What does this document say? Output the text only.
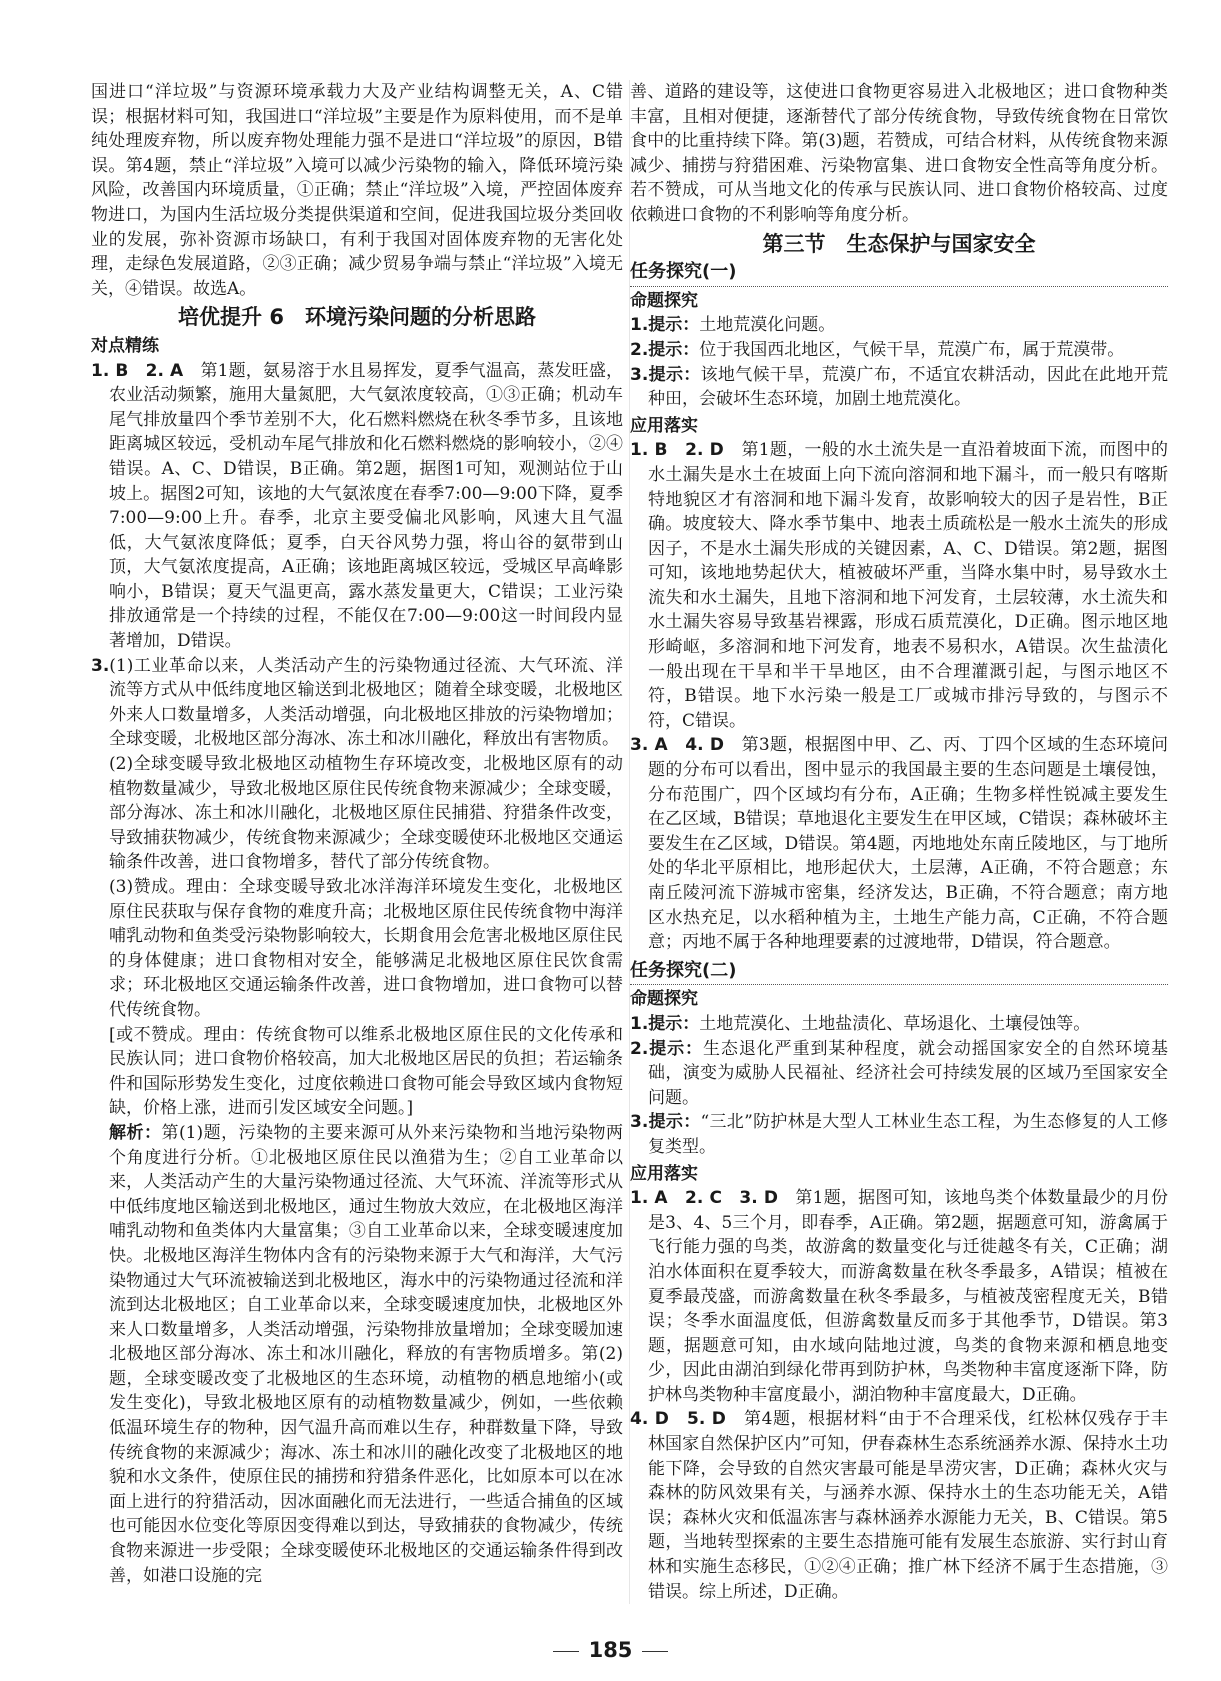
国进口“洋垃圾”与资源环境承载力大及产业结构调整无关，A、C错误；根据材料可知，我国进口“洋垃圾”主要是作为原料使用，而不是单纯处理废弃物，所以废弃物处理能力强不是进口“洋垃圾”的原因，B错误。第4题，禁止“洋垃圾”入境可以减少污染物的输入，降低环境污染风险，改善国内环境质量，①正确；禁止“洋垃圾”入境，严控固体废弃物进口，为国内生活垃圾分类提供渠道和空间，促进我国垃圾分类回收业的发展，弥补资源市场缺口，有利于我国对固体废弃物的无害化处理，走绿色发展道路，②③正确；减少贸易争端与禁止“洋垃圾”入境无关，④错误。故选A。

培优提升 6　环境污染问题的分析思路
对点精练

1. B　2. A　 第1题，氨易溶于水且易挥发，夏季气温高，蒸发旺盛，农业活动频繁，施用大量氮肥，大气氨浓度较高，①③正确；机动车尾气排放量四个季节差别不大，化石燃料燃烧在秋冬季节多，且该地距离城区较远，受机动车尾气排放和化石燃料燃烧的影响较小，②④错误。A、C、D错误，B正确。第2题，据图1可知，观测站位于山坡上。据图2可知，该地的大气氨浓度在春季7:00—9:00下降，夏季7:00—9:00上升。春季，北京主要受偏北风影响，风速大且气温低，大气氨浓度降低；夏季，白天谷风势力强，将山谷的氨带到山顶，大气氨浓度提高，A正确；该地距离城区较远，受城区早高峰影响小，B错误；夏天气温更高，露水蒸发量更大，C错误；工业污染排放通常是一个持续的过程，不能仅在7:00—9:00这一时间段内显著增加，D错误。

3.(1)工业革命以来，人类活动产生的污染物通过径流、大气环流、洋流等方式从中低纬度地区输送到北极地区；随着全球变暖，北极地区外来人口数量增多，人类活动增强，向北极地区排放的污染物增加；全球变暖，北极地区部分海冰、冻土和冰川融化，释放出有害物质。

(2)全球变暖导致北极地区动植物生存环境改变，北极地区原有的动植物数量减少，导致北极地区原住民传统食物来源减少；全球变暖，部分海冰、冻土和冰川融化，北极地区原住民捕猎、狩猎条件改变，导致捕获物减少，传统食物来源减少；全球变暖使环北极地区交通运输条件改善，进口食物增多，替代了部分传统食物。

(3)赞成。理由：全球变暖导致北冰洋海洋环境发生变化，北极地区原住民获取与保存食物的难度升高；北极地区原住民传统食物中海洋哺乳动物和鱼类受污染物影响较大，长期食用会危害北极地区原住民的身体健康；进口食物相对安全，能够满足北极地区原住民饮食需求；环北极地区交通运输条件改善，进口食物增加，进口食物可以替代传统食物。

[或不赞成。理由：传统食物可以维系北极地区原住民的文化传承和民族认同；进口食物价格较高，加大北极地区居民的负担；若运输条件和国际形势发生变化，过度依赖进口食物可能会导致区域内食物短缺，价格上涨，进而引发区域安全问题。]

解析：第(1)题，污染物的主要来源可从外来污染物和当地污染物两个角度进行分析。①北极地区原住民以渔猎为生；②自工业革命以来，人类活动产生的大量污染物通过径流、大气环流、洋流等形式从中低纬度地区输送到北极地区，通过生物放大效应，在北极地区海洋哺乳动物和鱼类体内大量富集；③自工业革命以来，全球变暖速度加快。北极地区海洋生物体内含有的污染物来源于大气和海洋，大气污染物通过大气环流被输送到北极地区，海水中的污染物通过径流和洋流到达北极地区；自工业革命以来，全球变暖速度加快，北极地区外来人口数量增多，人类活动增强，污染物排放量增加；全球变暖加速北极地区部分海冰、冻土和冰川融化，释放的有害物质增多。第(2)题，全球变暖改变了北极地区的生态环境，动植物的栖息地缩小(或发生变化)，导致北极地区原有的动植物数量减少，例如，一些依赖低温环境生存的物种，因气温升高而难以生存，种群数量下降，导致传统食物的来源减少；海冰、冻土和冰川的融化改变了北极地区的地貌和水文条件，使原住民的捕捞和狩猎条件恶化，比如原本可以在冰面上进行的狩猎活动，因冰面融化而无法进行，一些适合捕鱼的区域也可能因水位变化等原因变得难以到达，导致捕获的食物减少，传统食物来源进一步受限；全球变暖使环北极地区的交通运输条件得到改善，如港口设施的完

善、道路的建设等，这使进口食物更容易进入北极地区；进口食物种类丰富，且相对便捷，逐渐替代了部分传统食物，导致传统食物在日常饮食中的比重持续下降。第(3)题，若赞成，可结合材料，从传统食物来源减少、捕捞与狩猎困难、污染物富集、进口食物安全性高等角度分析。若不赞成，可从当地文化的传承与民族认同、进口食物价格较高、过度依赖进口食物的不利影响等角度分析。

第三节　生态保护与国家安全
任务探究(一)
命题探究

1.提示：土地荒漠化问题。

2.提示：位于我国西北地区，气候干旱，荒漠广布，属于荒漠带。

3.提示：该地气候干旱，荒漠广布，不适宜农耕活动，因此在此地开荒种田，会破坏生态环境，加剧土地荒漠化。

应用落实

1. B　2. D　 第1题，一般的水土流失是一直沿着坡面下流，而图中的水土漏失是水土在坡面上向下流向溶洞和地下漏斗，而一般只有喀斯特地貌区才有溶洞和地下漏斗发育，故影响较大的因子是岩性，B正确。坡度较大、降水季节集中、地表土质疏松是一般水土流失的形成因子，不是水土漏失形成的关键因素，A、C、D错误。第2题，据图可知，该地地势起伏大，植被破坏严重，当降水集中时，易导致水土流失和水土漏失，且地下溶洞和地下河发育，土层较薄，水土流失和水土漏失容易导致基岩裸露，形成石质荒漠化，D正确。图示地区地形崎岖，多溶洞和地下河发育，地表不易积水，A错误。次生盐渍化一般出现在干旱和半干旱地区，由不合理灌溉引起，与图示地区不符，B错误。地下水污染一般是工厂或城市排污导致的，与图示不符，C错误。

3. A　4. D　 第3题，根据图中甲、乙、丙、丁四个区域的生态环境问题的分布可以看出，图中显示的我国最主要的生态问题是土壤侵蚀，分布范围广，四个区域均有分布，A正确；生物多样性锐减主要发生在乙区域，B错误；草地退化主要发生在甲区域，C错误；森林破坏主要发生在乙区域，D错误。第4题，丙地地处东南丘陵地区，与丁地所处的华北平原相比，地形起伏大，土层薄，A正确，不符合题意；东南丘陵河流下游城市密集，经济发达，B正确，不符合题意；南方地区水热充足，以水稻种植为主，土地生产能力高，C正确，不符合题意；丙地不属于各种地理要素的过渡地带，D错误，符合题意。

任务探究(二)
命题探究

1.提示：土地荒漠化、土地盐渍化、草场退化、土壤侵蚀等。

2.提示：生态退化严重到某种程度，就会动摇国家安全的自然环境基础，演变为威胁人民福祉、经济社会可持续发展的区域乃至国家安全问题。

3.提示：“三北”防护林是大型人工林业生态工程，为生态修复的人工修复类型。

应用落实

1. A　2. C　3. D　 第1题，据图可知，该地鸟类个体数量最少的月份是3、4、5三个月，即春季，A正确。第2题，据题意可知，游禽属于飞行能力强的鸟类，故游禽的数量变化与迁徙越冬有关，C正确；湖泊水体面积在夏季较大，而游禽数量在秋冬季最多，A错误；植被在夏季最茂盛，而游禽数量在秋冬季最多，与植被茂密程度无关，B错误；冬季水面温度低，但游禽数量反而多于其他季节，D错误。第3题，据题意可知，由水域向陆地过渡，鸟类的食物来源和栖息地变少，因此由湖泊到绿化带再到防护林，鸟类物种丰富度逐渐下降，防护林鸟类物种丰富度最小，湖泊物种丰富度最大，D正确。

4. D　5. D　 第4题，根据材料“由于不合理采伐，红松林仅残存于丰林国家自然保护区内”可知，伊春森林生态系统涵养水源、保持水土功能下降，会导致的自然灾害最可能是旱涝灾害，D正确；森林火灾与森林的防风效果有关，与涵养水源、保持水土的生态功能无关，A错误；森林火灾和低温冻害与森林涵养水源能力无关，B、C错误。第5题，当地转型探索的主要生态措施可能有发展生态旅游、实行封山育林和实施生态移民，①②④正确；推广林下经济不属于生态措施，③错误。综上所述，D正确。

185
